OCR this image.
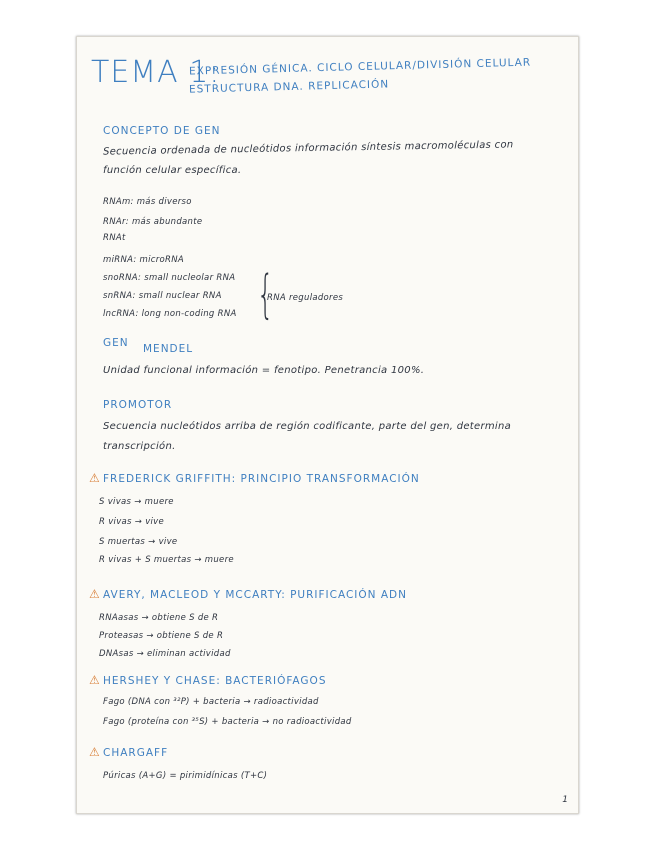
TEMA 1:
EXPRESIÓN GÉNICA. CICLO CELULAR/DIVISIÓN CELULAR
ESTRUCTURA DNA. REPLICACIÓN
CONCEPTO DE GEN
Secuencia ordenada de nucleótidos información síntesis macromoléculas con
función celular específica.
RNAm: más diverso
RNAr: más abundante
RNAt
miRNA: microRNA
snoRNA: small nucleolar RNA
snRNA: small nuclear RNA
lncRNA: long non-coding RNA {
RNA reguladores
GEN MENDEL
Unidad funcional información = fenotipo. Penetrancia 100%.
PROMOTOR
Secuencia nucleótidos arriba de región codificante, parte del gen, determina
transcripción.
⚠ FREDERICK GRIFFITH: PRINCIPIO TRANSFORMACIÓN
S vivas → muere
R vivas → vive
S muertas → vive
R vivas + S muertas → muere
⚠ AVERY, MACLEOD Y MCCARTY: PURIFICACIÓN ADN
RNAasas → obtiene S de R
Proteasas → obtiene S de R
DNAsas → eliminan actividad
⚠ HERSHEY Y CHASE: BACTERIÓFAGOS
Fago (DNA con ³²P) + bacteria → radioactividad
Fago (proteína con ³⁵S) + bacteria → no radioactividad
⚠ CHARGAFF
Púricas (A+G) = pirimidínicas (T+C)
1
